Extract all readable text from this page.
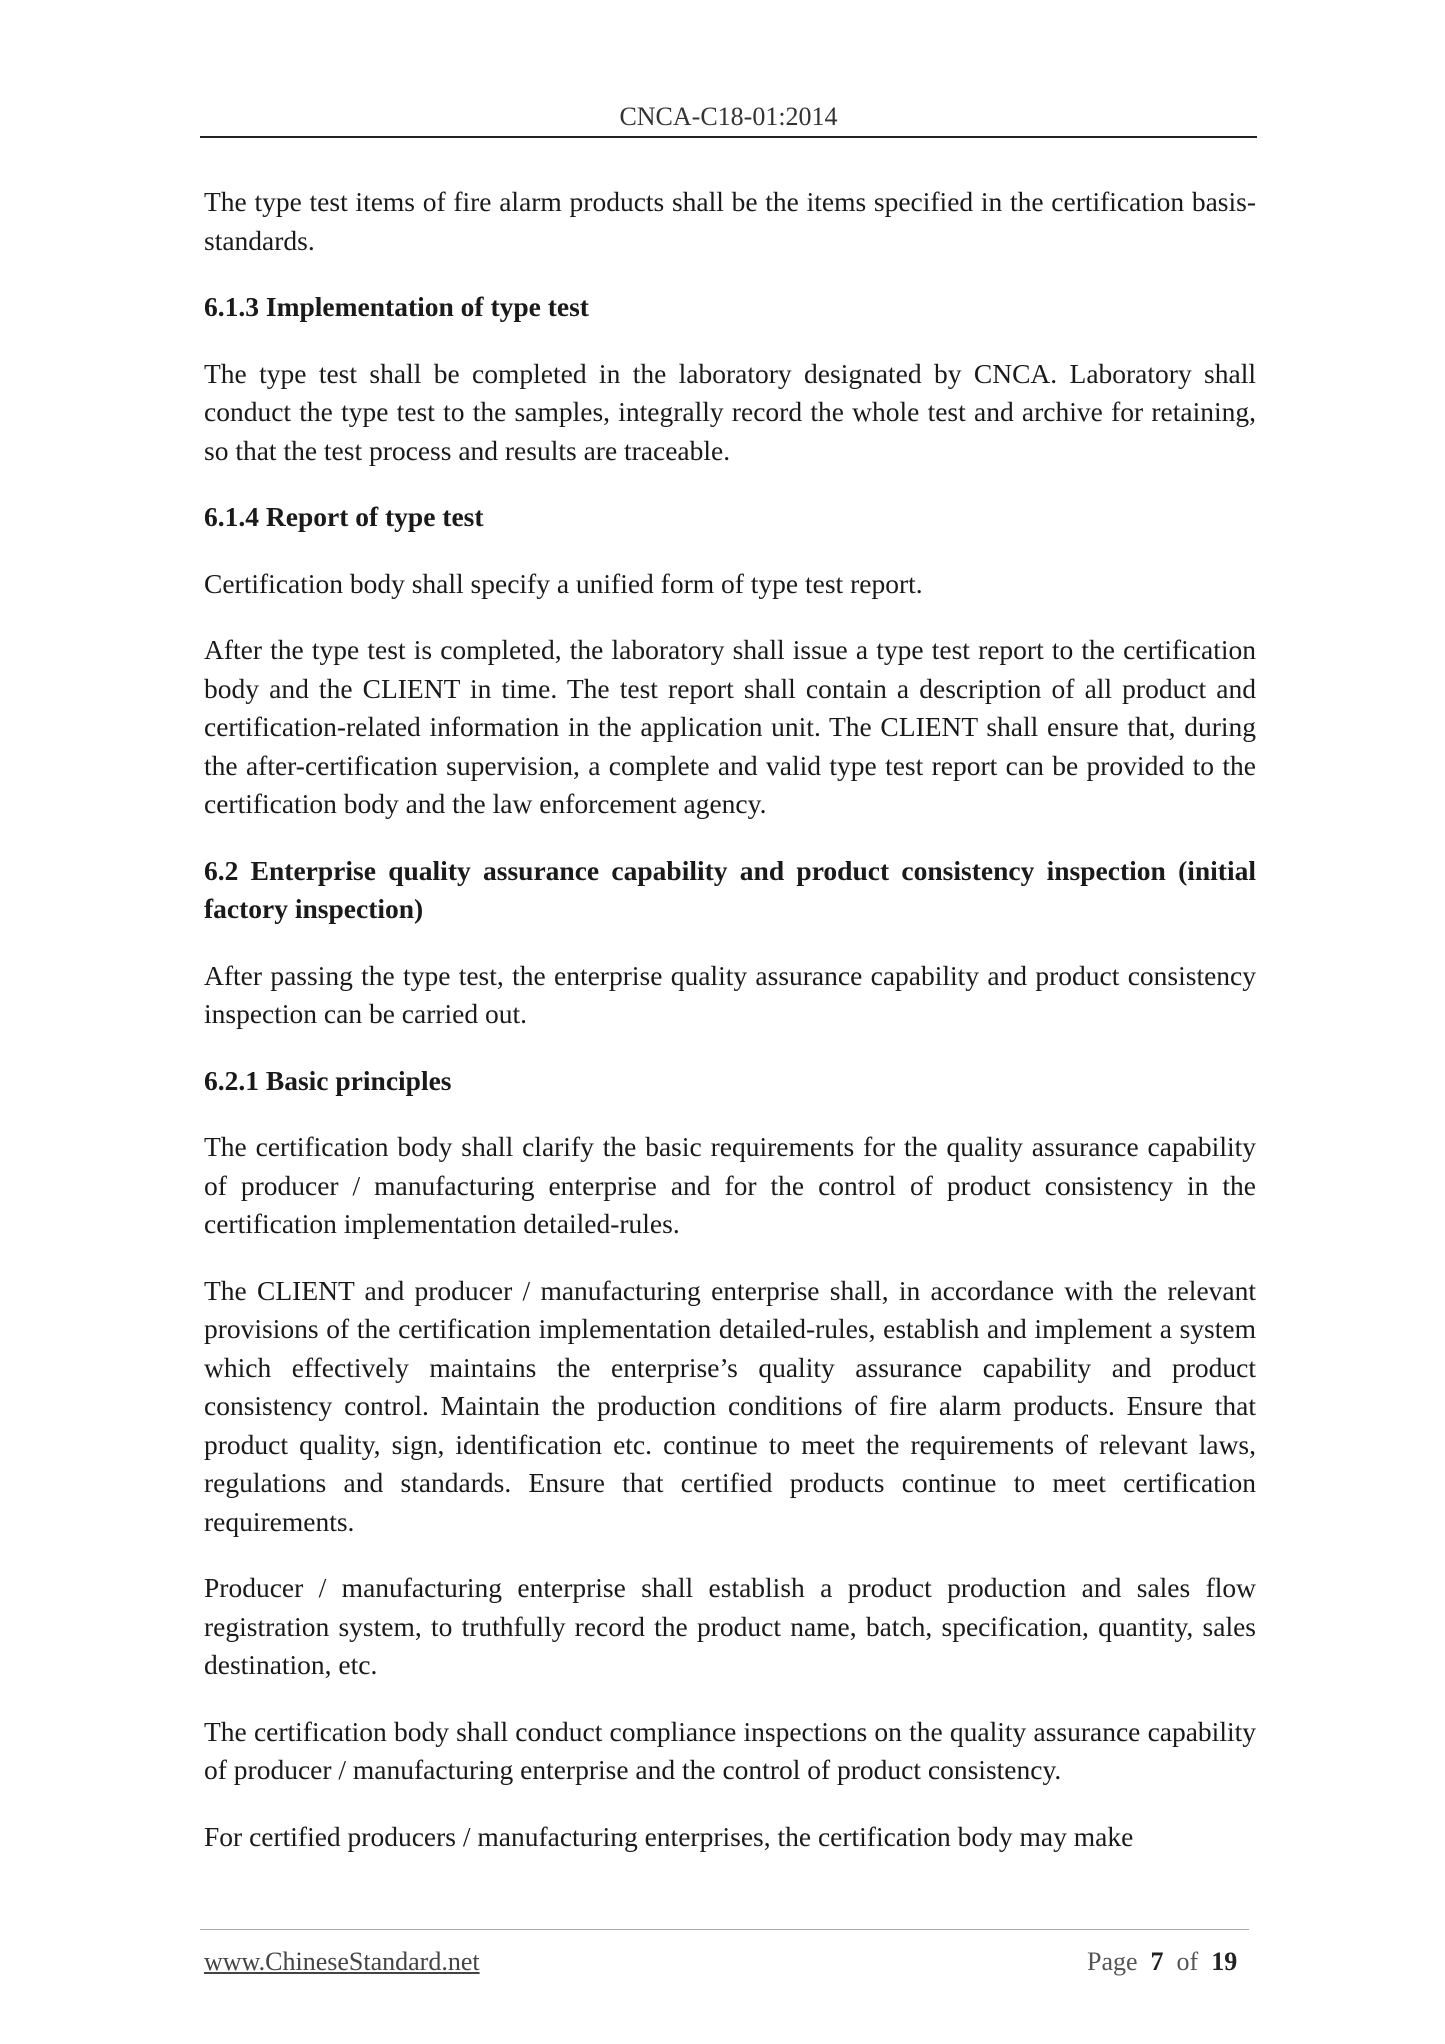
CNCA-C18-01:2014

The type test items of fire alarm products shall be the items specified in the certification basis-standards.

6.1.3 Implementation of type test

The type test shall be completed in the laboratory designated by CNCA. Laboratory shall conduct the type test to the samples, integrally record the whole test and archive for retaining, so that the test process and results are traceable.

6.1.4 Report of type test

Certification body shall specify a unified form of type test report.

After the type test is completed, the laboratory shall issue a type test report to the certification body and the CLIENT in time. The test report shall contain a description of all product and certification-related information in the application unit. The CLIENT shall ensure that, during the after-certification supervision, a complete and valid type test report can be provided to the certification body and the law enforcement agency.

6.2 Enterprise quality assurance capability and product consistency inspection (initial factory inspection)

After passing the type test, the enterprise quality assurance capability and product consistency inspection can be carried out.

6.2.1 Basic principles

The certification body shall clarify the basic requirements for the quality assurance capability of producer / manufacturing enterprise and for the control of product consistency in the certification implementation detailed-rules.

The CLIENT and producer / manufacturing enterprise shall, in accordance with the relevant provisions of the certification implementation detailed-rules, establish and implement a system which effectively maintains the enterprise’s quality assurance capability and product consistency control. Maintain the production conditions of fire alarm products. Ensure that product quality, sign, identification etc. continue to meet the requirements of relevant laws, regulations and standards. Ensure that certified products continue to meet certification requirements.

Producer / manufacturing enterprise shall establish a product production and sales flow registration system, to truthfully record the product name, batch, specification, quantity, sales destination, etc.

The certification body shall conduct compliance inspections on the quality assurance capability of producer / manufacturing enterprise and the control of product consistency.

For certified producers / manufacturing enterprises, the certification body may make

www.ChineseStandard.net	Page 7 of 19
